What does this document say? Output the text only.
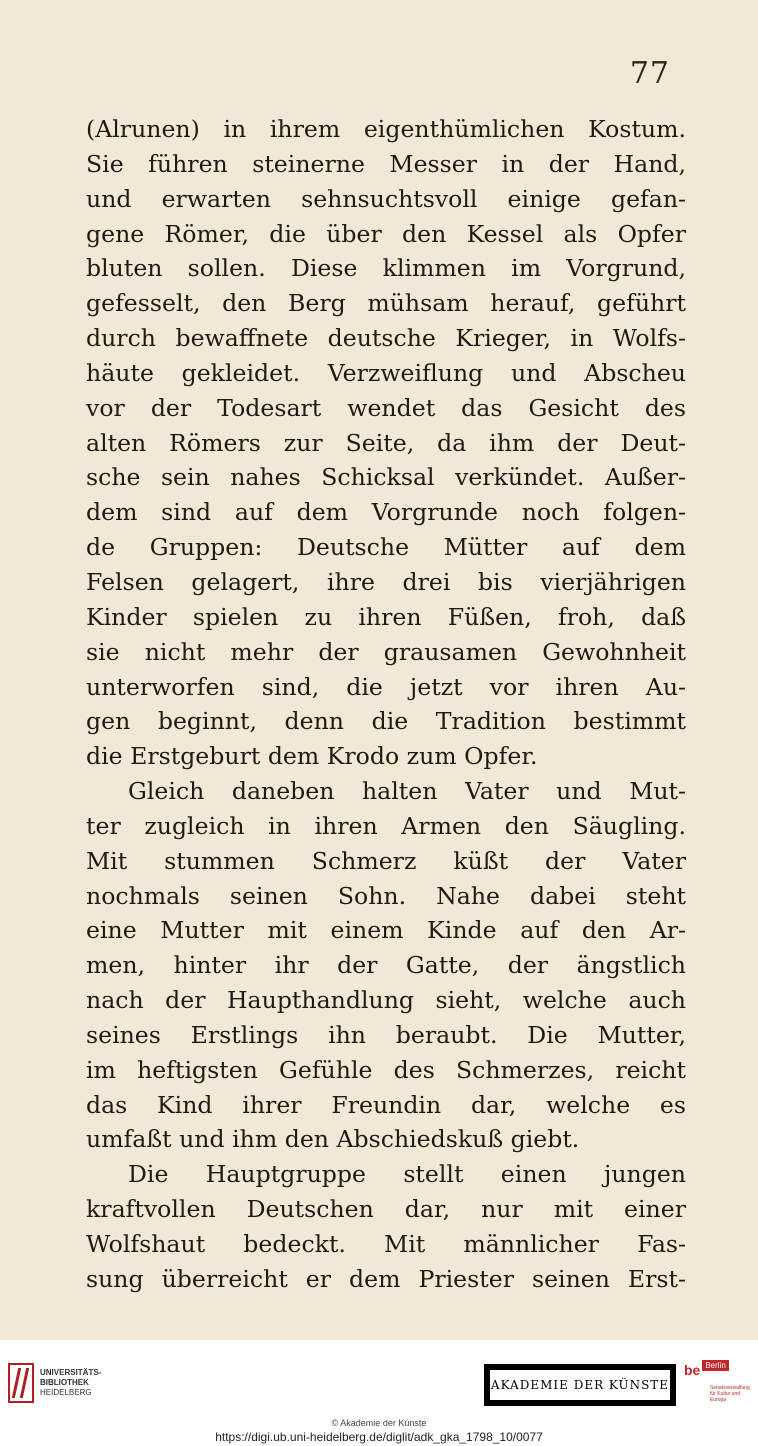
77
(Alrunen) in ihrem eigenthümlichen Kostum.
Sie führen steinerne Messer in der Hand,
und erwarten sehnsuchtsvoll einige gefan-
gene Römer, die über den Kessel als Opfer
bluten sollen. Diese klimmen im Vorgrund,
gefesselt, den Berg mühsam herauf, geführt
durch bewaffnete deutsche Krieger, in Wolfs-
häute gekleidet. Verzweiflung und Abscheu
vor der Todesart wendet das Gesicht des
alten Römers zur Seite, da ihm der Deut-
sche sein nahes Schicksal verkündet. Außer-
dem sind auf dem Vorgrunde noch folgen-
de Gruppen: Deutsche Mütter auf dem
Felsen gelagert, ihre drei bis vierjährigen
Kinder spielen zu ihren Füßen, froh, daß
sie nicht mehr der grausamen Gewohnheit
unterworfen sind, die jetzt vor ihren Au-
gen beginnt, denn die Tradition bestimmt
die Erstgeburt dem Krodo zum Opfer.
Gleich daneben halten Vater und Mut-
ter zugleich in ihren Armen den Säugling.
Mit stummen Schmerz küßt der Vater
nochmals seinen Sohn. Nahe dabei steht
eine Mutter mit einem Kinde auf den Ar-
men, hinter ihr der Gatte, der ängstlich
nach der Haupthandlung sieht, welche auch
seines Erstlings ihn beraubt. Die Mutter,
im heftigsten Gefühle des Schmerzes, reicht
das Kind ihrer Freundin dar, welche es
umfaßt und ihm den Abschiedskuß giebt.
Die Hauptgruppe stellt einen jungen
kraftvollen Deutschen dar, nur mit einer
Wolfshaut bedeckt. Mit männlicher Fas-
sung überreicht er dem Priester seinen Erst-
UNIVERSITÄTS-
BIBLIOTHEK
HEIDELBERG
AKADEMIE DER KÜNSTE
be Berlin
Senatsverwaltung
für Kultur und Europa
© Akademie der Künste
https://digi.ub.uni-heidelberg.de/diglit/adk_gka_1798_10/0077
